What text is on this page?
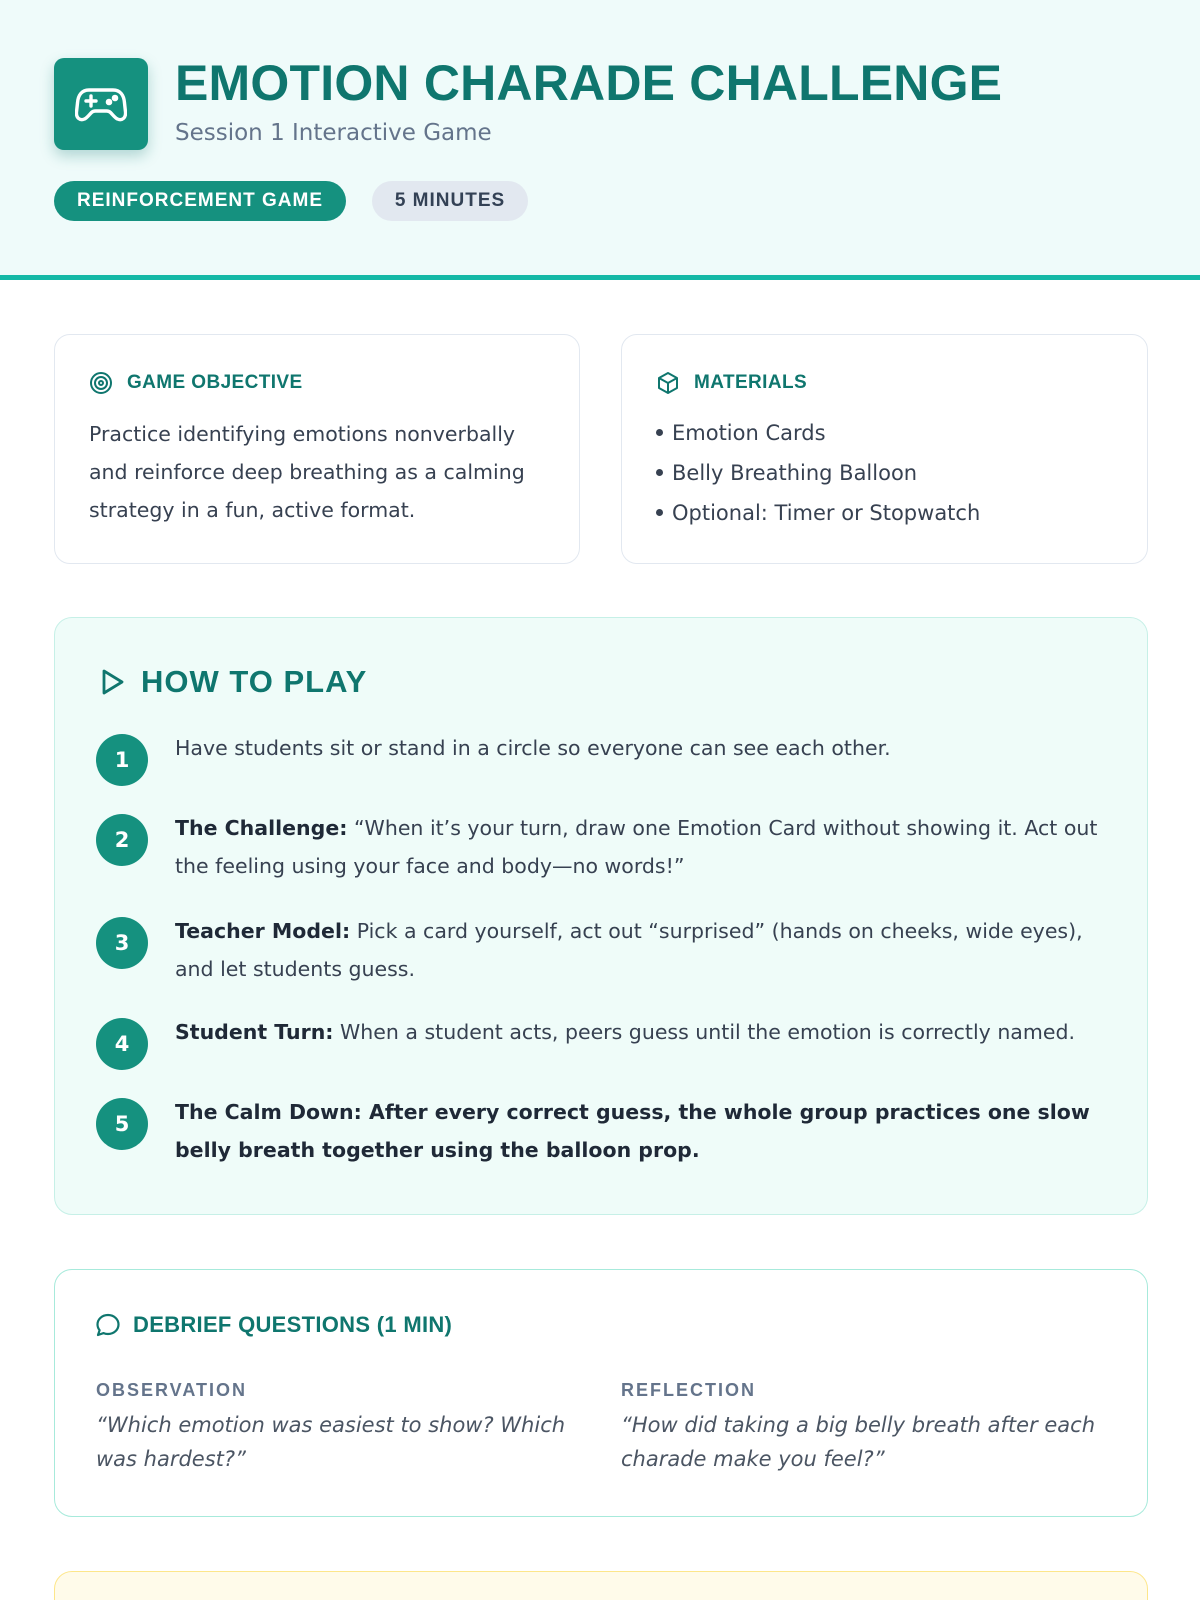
EMOTION CHARADE CHALLENGE
Session 1 Interactive Game
REINFORCEMENT GAME	5 MINUTES
GAME OBJECTIVE
Practice identifying emotions nonverbally and reinforce deep breathing as a calming strategy in a fun, active format.
MATERIALS
Emotion Cards
Belly Breathing Balloon
Optional: Timer or Stopwatch
HOW TO PLAY
1	Have students sit or stand in a circle so everyone can see each other.
2	The Challenge: “When it’s your turn, draw one Emotion Card without showing it. Act out the feeling using your face and body—no words!”
3	Teacher Model: Pick a card yourself, act out “surprised” (hands on cheeks, wide eyes), and let students guess.
4	Student Turn: When a student acts, peers guess until the emotion is correctly named.
5	The Calm Down: After every correct guess, the whole group practices one slow belly breath together using the balloon prop.
DEBRIEF QUESTIONS (1 MIN)
OBSERVATION
“Which emotion was easiest to show? Which was hardest?”
REFLECTION
“How did taking a big belly breath after each charade make you feel?”
